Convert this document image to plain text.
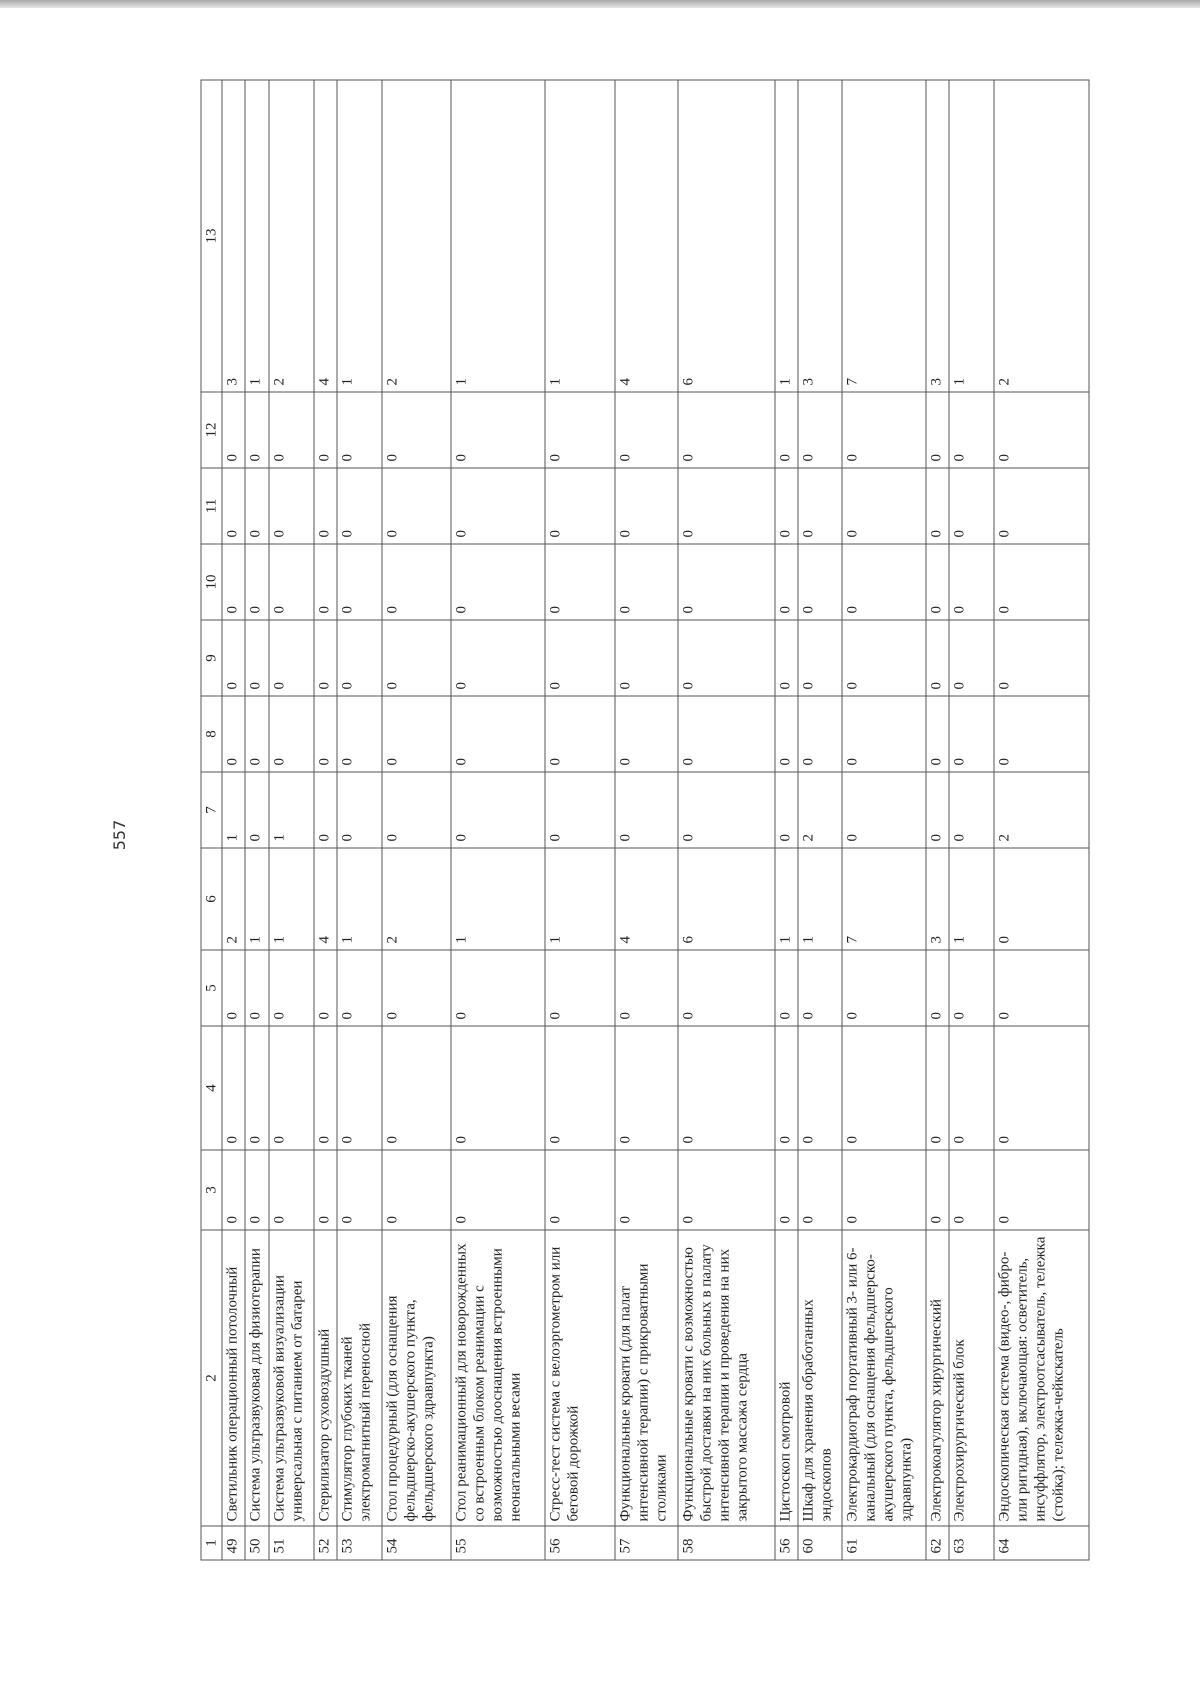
557
1	2	3	4	5	6	7	8	9	10	11	12	13
49	Светильник операционный потолочный	0	0	0	2	1	0	0	0	0	0	3
50	Система ультразвуковая для физиотерапии	0	0	0	1	0	0	0	0	0	0	1
51	Система ультразвуковой визуализации универсальная с питанием от батареи	0	0	0	1	1	0	0	0	0	0	2
52	Стерилизатор суховоздушный	0	0	0	4	0	0	0	0	0	0	4
53	Стимулятор глубоких тканей электромагнитный переносной	0	0	0	1	0	0	0	0	0	0	1
54	Стол процедурный (для оснащения фельдшерско-акушерского пункта, фельдшерского здравпункта)	0	0	0	2	0	0	0	0	0	0	2
55	Стол реанимационный для новорожденных со встроенным блоком реанимации с возможностью дооснащения встроенными неонатальными весами	0	0	0	1	0	0	0	0	0	0	1
56	Стресс-тест система с велоэргометром или беговой дорожкой	0	0	0	1	0	0	0	0	0	0	1
57	Функциональные кровати (для палат интенсивной терапии) с прикроватными столиками	0	0	0	4	0	0	0	0	0	0	4
58	Функциональные кровати с возможностью быстрой доставки на них больных в палату интенсивной терапии и проведения на них закрытого массажа сердца	0	0	0	6	0	0	0	0	0	0	6
56	Цистоскоп смотровой	0	0	0	1	0	0	0	0	0	0	1
60	Шкаф для хранения обработанных эндоскопов	0	0	0	1	2	0	0	0	0	0	3
61	Электрокардиограф портативный 3- или 6-канальный (для оснащения фельдшерско-акушерского пункта, фельдшерского здравпункта)	0	0	0	7	0	0	0	0	0	0	7
62	Электрокоагулятор хирургический	0	0	0	3	0	0	0	0	0	0	3
63	Электрохирургический блок	0	0	0	1	0	0	0	0	0	0	1
64	Эндоскопическая система (видео-, фибро- или ригидная), включающая: осветитель, инсуффлятор, электроотсасыватель, тележка (стойка); тележка-чейкскатель	0	0	0	0	2	0	0	0	0	0	2
